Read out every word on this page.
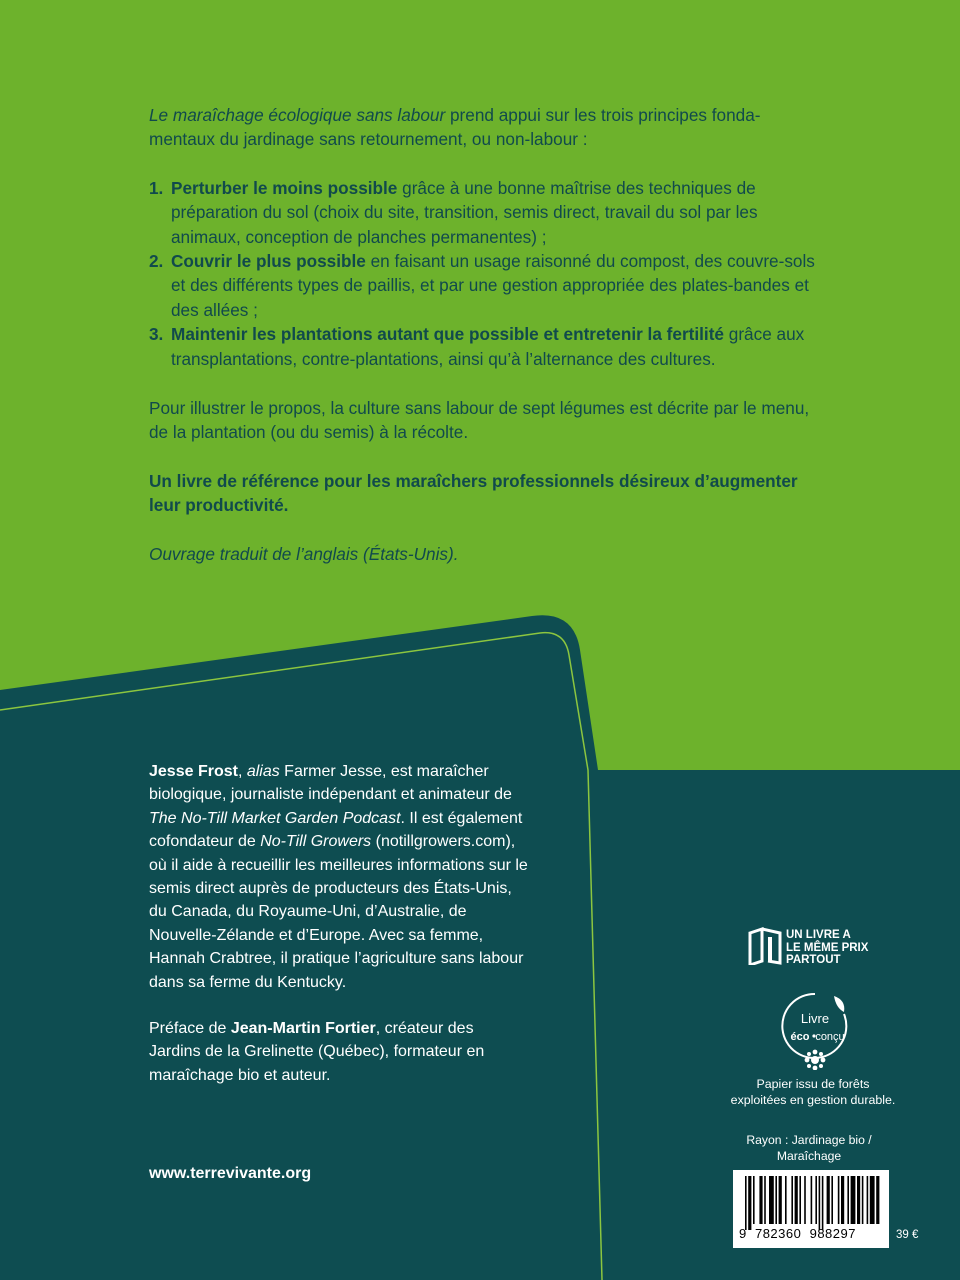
Le maraîchage écologique sans labour prend appui sur les trois principes fondamentaux du jardinage sans retournement, ou non-labour :

1. Perturber le moins possible grâce à une bonne maîtrise des techniques de préparation du sol (choix du site, transition, semis direct, travail du sol par les animaux, conception de planches permanentes) ;
2. Couvrir le plus possible en faisant un usage raisonné du compost, des couvre-sols et des différents types de paillis, et par une gestion appropriée des plates-bandes et des allées ;
3. Maintenir les plantations autant que possible et entretenir la fertilité grâce aux transplantations, contre-plantations, ainsi qu’à l’alternance des cultures.

Pour illustrer le propos, la culture sans labour de sept légumes est décrite par le menu, de la plantation (ou du semis) à la récolte.

Un livre de référence pour les maraîchers professionnels désireux d’augmenter leur productivité.

Ouvrage traduit de l’anglais (États-Unis).

Jesse Frost, alias Farmer Jesse, est maraîcher biologique, journaliste indépendant et animateur de The No-Till Market Garden Podcast. Il est également cofondateur de No-Till Growers (notillgrowers.com), où il aide à recueillir les meilleures informations sur le semis direct auprès de producteurs des États-Unis, du Canada, du Royaume-Uni, d’Australie, de Nouvelle-Zélande et d’Europe. Avec sa femme, Hannah Crabtree, il pratique l’agriculture sans labour dans sa ferme du Kentucky.

Préface de Jean-Martin Fortier, créateur des Jardins de la Grelinette (Québec), formateur en maraîchage bio et auteur.

www.terrevivante.org
UN LIVRE A
LE MÊME PRIX
PARTOUT
Livre
éco conçu
Papier issu de forêts
exploitées en gestion durable.
Rayon : Jardinage bio /
Maraîchage
9 782360 988297	39 €
